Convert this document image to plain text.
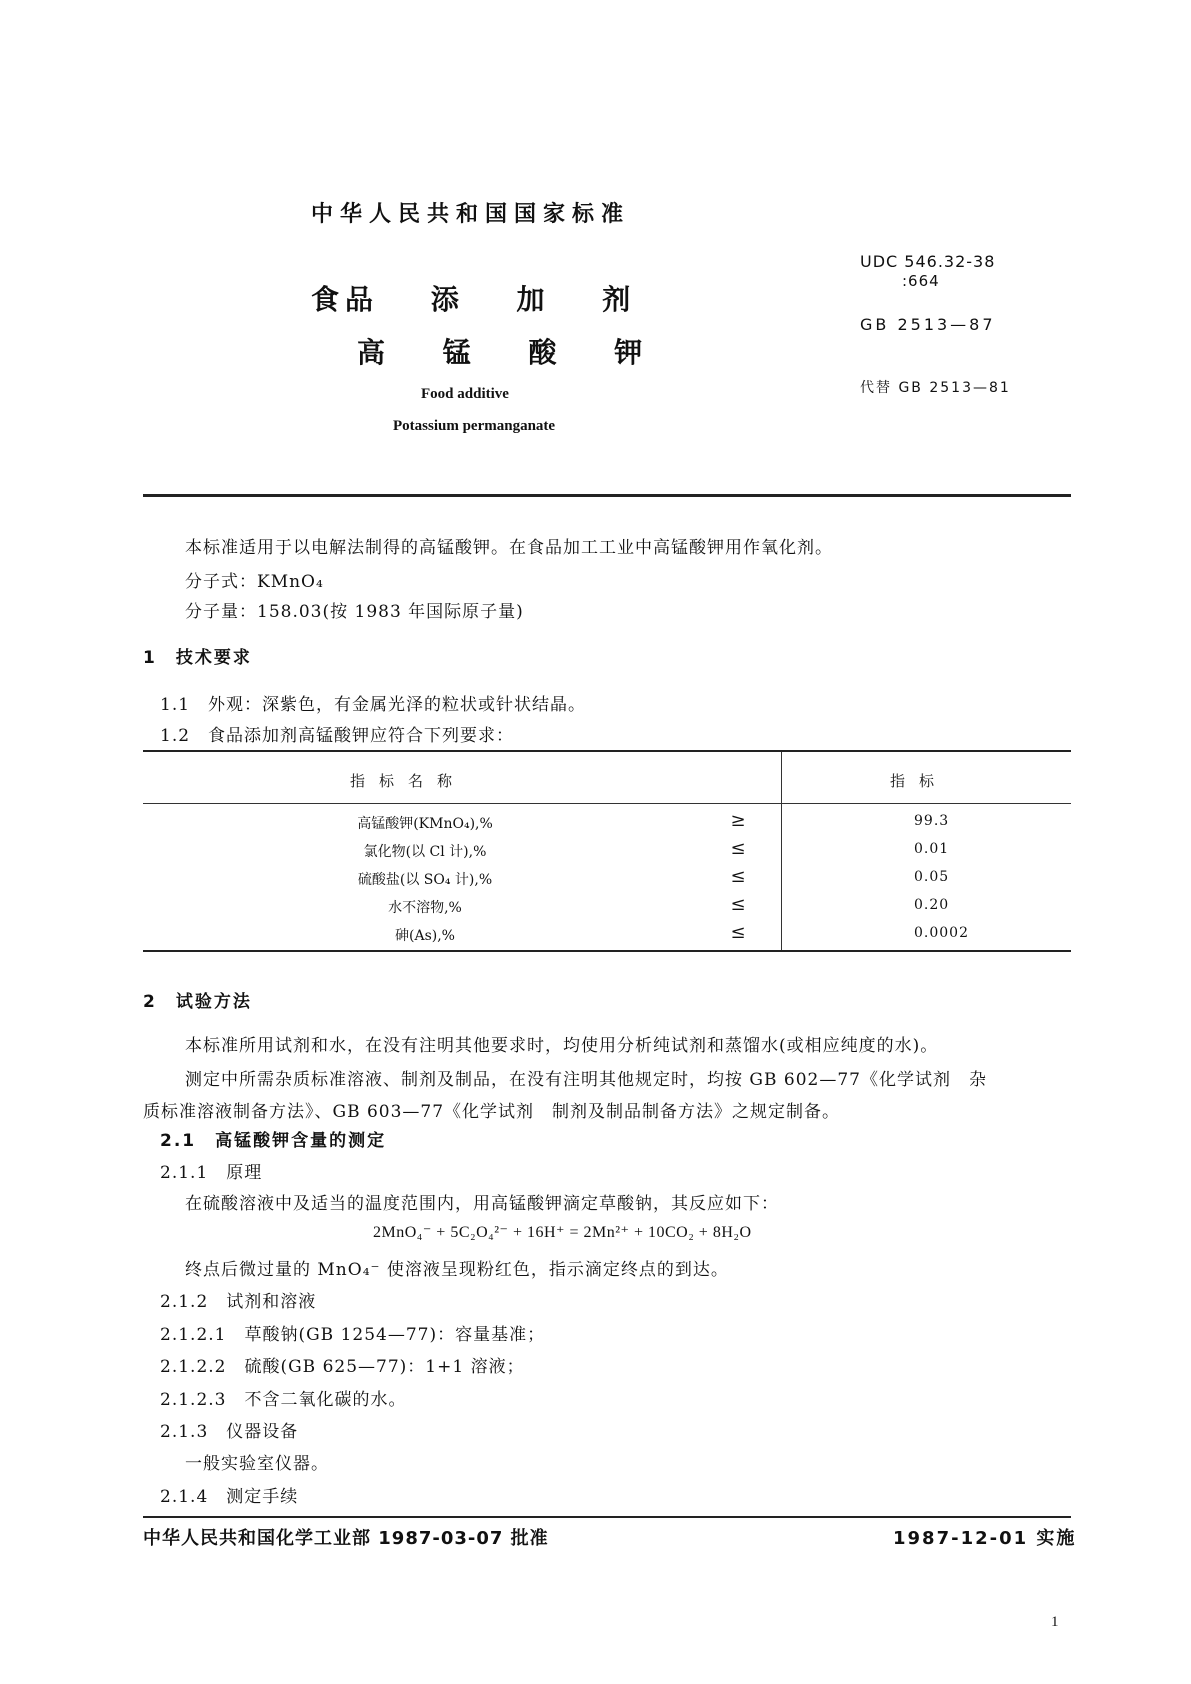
中华人民共和国国家标准
食品 添 加 剂
高 锰 酸 钾
Food additive
Potassium permanganate
UDC 546.32-38
:664
GB 2513—87
代替 GB 2513—81
本标准适用于以电解法制得的高锰酸钾。在食品加工工业中高锰酸钾用作氧化剂。
分子式：KMnO₄
分子量：158.03(按 1983 年国际原子量)
1　技术要求
1.1　外观：深紫色，有金属光泽的粒状或针状结晶。
1.2　食品添加剂高锰酸钾应符合下列要求：
指标名称	指标
高锰酸钾(KMnO₄),%	≥	99.3
氯化物(以 Cl 计),%	≤	0.01
硫酸盐(以 SO₄ 计),%	≤	0.05
水不溶物,%	≤	0.20
砷(As),%	≤	0.0002
2　试验方法
本标准所用试剂和水，在没有注明其他要求时，均使用分析纯试剂和蒸馏水(或相应纯度的水)。
测定中所需杂质标准溶液、制剂及制品，在没有注明其他规定时，均按 GB 602—77《化学试剂　杂
质标准溶液制备方法》、GB 603—77《化学试剂　制剂及制品制备方法》之规定制备。
2.1　高锰酸钾含量的测定
2.1.1　原理
在硫酸溶液中及适当的温度范围内，用高锰酸钾滴定草酸钠，其反应如下：
2MnO₄⁻ + 5C₂O₄²⁻ + 16H⁺ = 2Mn²⁺ + 10CO₂ + 8H₂O
终点后微过量的 MnO₄⁻ 使溶液呈现粉红色，指示滴定终点的到达。
2.1.2　试剂和溶液
2.1.2.1　草酸钠(GB 1254—77)：容量基准；
2.1.2.2　硫酸(GB 625—77)：1+1 溶液；
2.1.2.3　不含二氧化碳的水。
2.1.3　仪器设备
一般实验室仪器。
2.1.4　测定手续
中华人民共和国化学工业部 1987-03-07 批准	1987-12-01 实施
1
